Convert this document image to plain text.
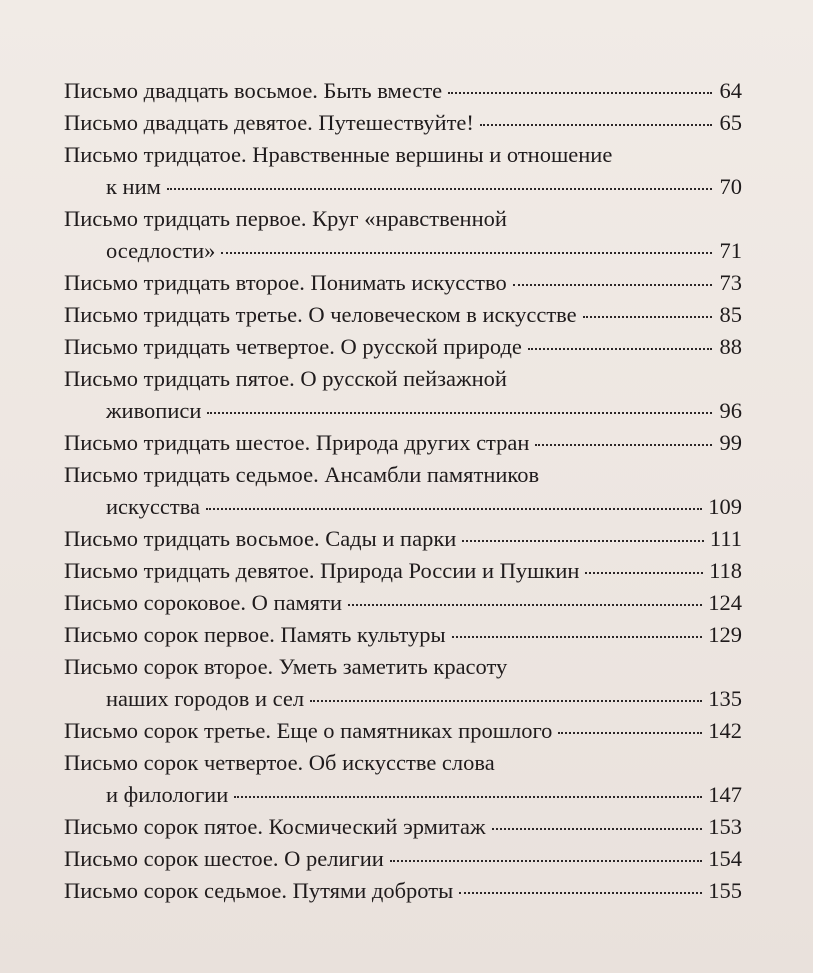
Письмо двадцать восьмое. Быть вместе	64
Письмо двадцать девятое. Путешествуйте!	65
Письмо тридцатое. Нравственные вершины и отношение
к ним	70
Письмо тридцать первое. Круг «нравственной
оседлости»	71
Письмо тридцать второе. Понимать искусство	73
Письмо тридцать третье. О человеческом в искусстве	85
Письмо тридцать четвертое. О русской природе	88
Письмо тридцать пятое. О русской пейзажной
живописи	96
Письмо тридцать шестое. Природа других стран	99
Письмо тридцать седьмое. Ансамбли памятников
искусства	109
Письмо тридцать восьмое. Сады и парки	111
Письмо тридцать девятое. Природа России и Пушкин	118
Письмо сороковое. О памяти	124
Письмо сорок первое. Память культуры	129
Письмо сорок второе. Уметь заметить красоту
наших городов и сел	135
Письмо сорок третье. Еще о памятниках прошлого	142
Письмо сорок четвертое. Об искусстве слова
и филологии	147
Письмо сорок пятое. Космический эрмитаж	153
Письмо сорок шестое. О религии	154
Письмо сорок седьмое. Путями доброты	155
